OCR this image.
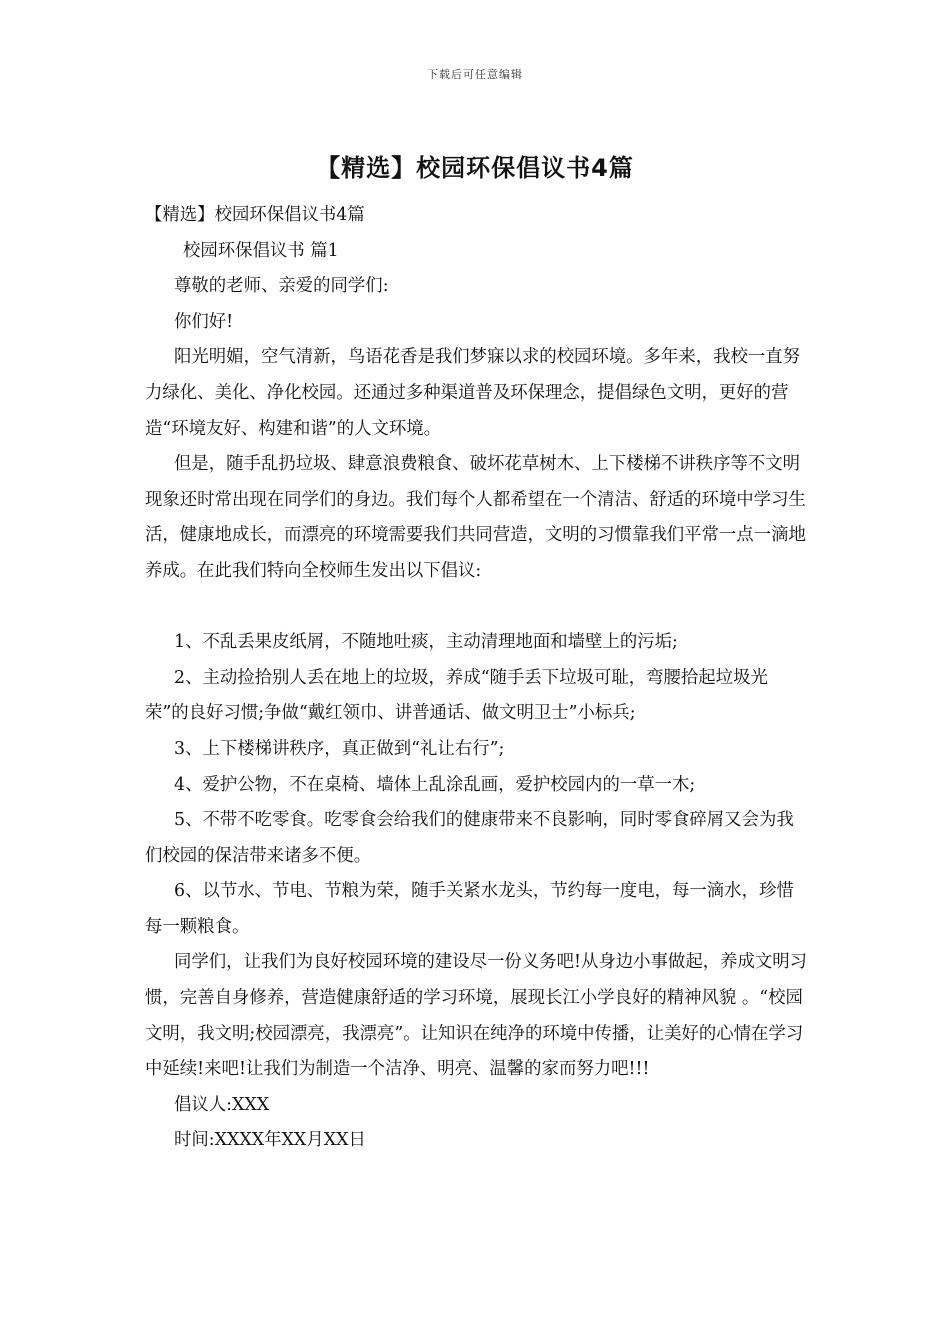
下载后可任意编辑
【精选】校园环保倡议书4篇

【精选】校园环保倡议书4篇

校园环保倡议书 篇1

尊敬的老师、亲爱的同学们:

你们好!

阳光明媚，空气清新，鸟语花香是我们梦寐以求的校园环境。多年来，我校一直努力绿化、美化、净化校园。还通过多种渠道普及环保理念，提倡绿色文明，更好的营造“环境友好、构建和谐”的人文环境。

但是，随手乱扔垃圾、肆意浪费粮食、破坏花草树木、上下楼梯不讲秩序等不文明现象还时常出现在同学们的身边。我们每个人都希望在一个清洁、舒适的环境中学习生活，健康地成长，而漂亮的环境需要我们共同营造，文明的习惯靠我们平常一点一滴地养成。在此我们特向全校师生发出以下倡议:

1、不乱丢果皮纸屑，不随地吐痰，主动清理地面和墙壁上的污垢;

2、主动捡拾别人丢在地上的垃圾，养成“随手丢下垃圾可耻，弯腰拾起垃圾光荣”的良好习惯;争做“戴红领巾、讲普通话、做文明卫士”小标兵;

3、上下楼梯讲秩序，真正做到“礼让右行”;

4、爱护公物，不在桌椅、墙体上乱涂乱画，爱护校园内的一草一木;

5、不带不吃零食。吃零食会给我们的健康带来不良影响，同时零食碎屑又会为我们校园的保洁带来诸多不便。

6、以节水、节电、节粮为荣，随手关紧水龙头，节约每一度电，每一滴水，珍惜每一颗粮食。

同学们，让我们为良好校园环境的建设尽一份义务吧!从身边小事做起，养成文明习惯，完善自身修养，营造健康舒适的学习环境，展现长江小学良好的精神风貌 。“校园文明，我文明;校园漂亮，我漂亮”。让知识在纯净的环境中传播，让美好的心情在学习中延续!来吧!让我们为制造一个洁净、明亮、温馨的家而努力吧!!!

倡议人:XXX

时间:XXXX年XX月XX日
